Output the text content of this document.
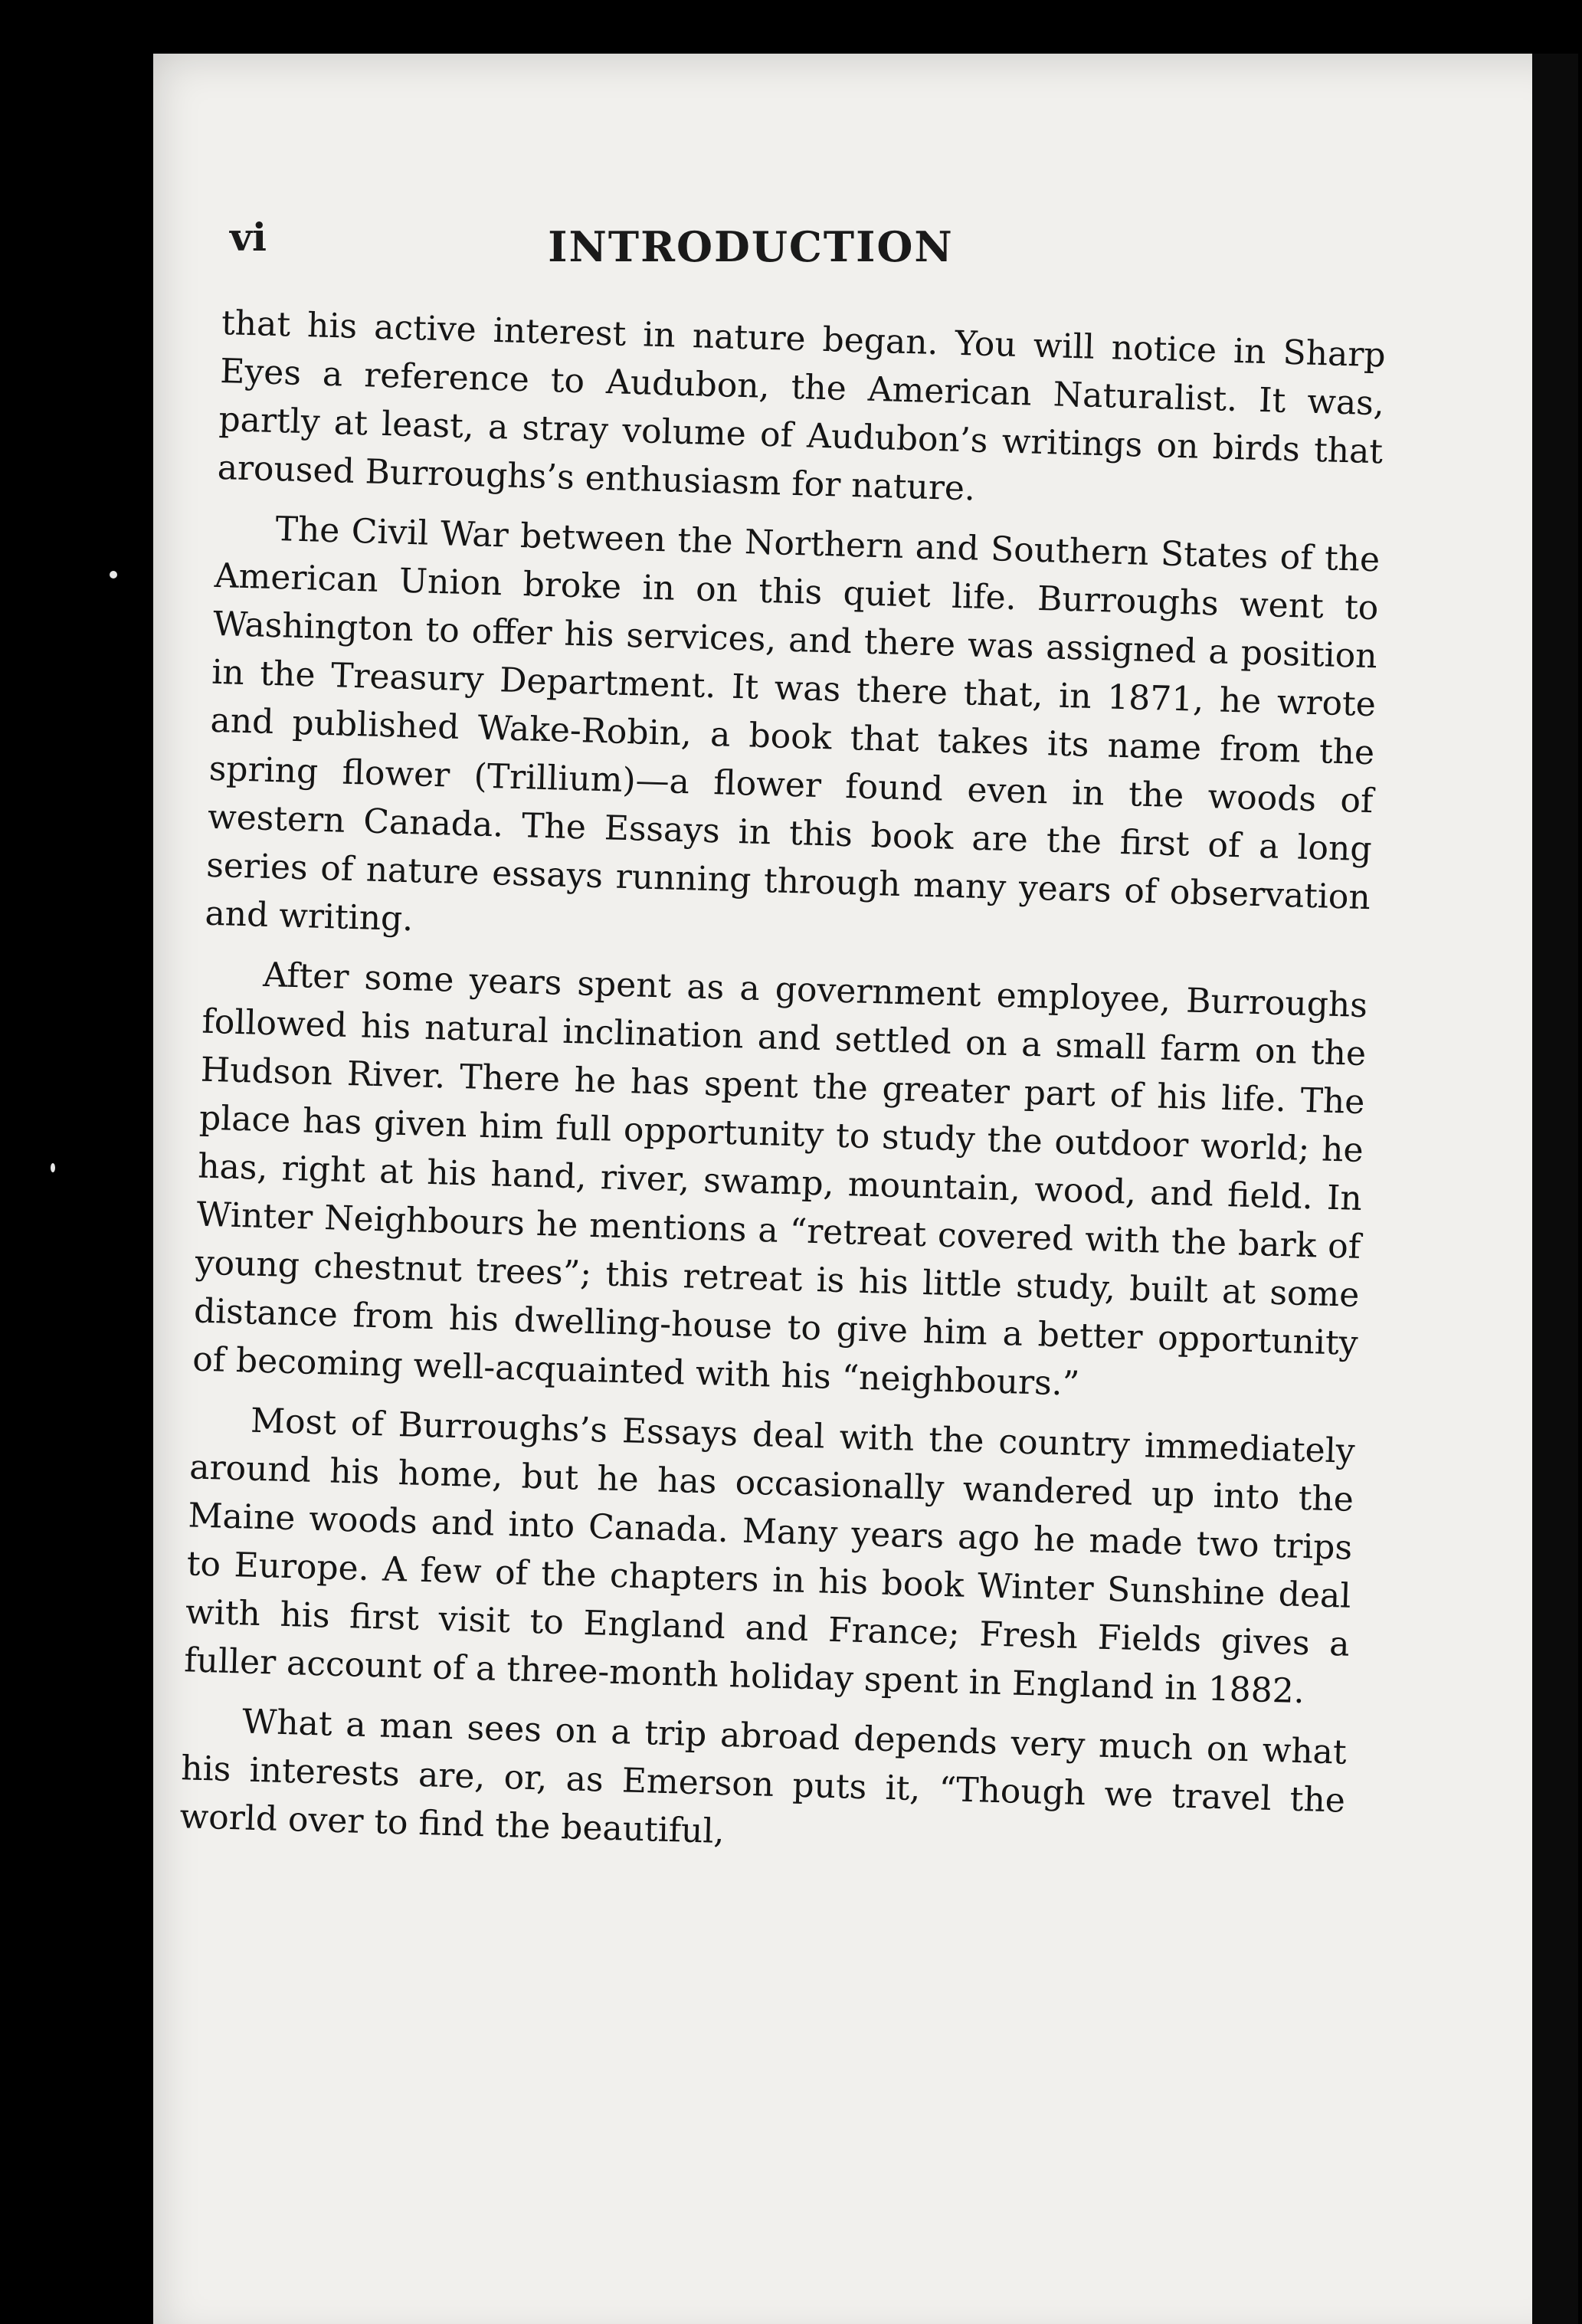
vi	INTRODUCTION

that his active interest in nature began. You will notice in Sharp Eyes a reference to Audubon, the American Naturalist. It was, partly at least, a stray volume of Audubon’s writings on birds that aroused Burroughs’s enthusiasm for nature.

The Civil War between the Northern and Southern States of the American Union broke in on this quiet life. Burroughs went to Washington to offer his services, and there was assigned a position in the Treasury Department. It was there that, in 1871, he wrote and published Wake-Robin, a book that takes its name from the spring flower (Trillium)—a flower found even in the woods of western Canada. The Essays in this book are the first of a long series of nature essays running through many years of observation and writing.

After some years spent as a government employee, Burroughs followed his natural inclination and settled on a small farm on the Hudson River. There he has spent the greater part of his life. The place has given him full opportunity to study the outdoor world; he has, right at his hand, river, swamp, mountain, wood, and field. In Winter Neighbours he mentions a “retreat covered with the bark of young chestnut trees”; this retreat is his little study, built at some distance from his dwelling-house to give him a better opportunity of becoming well-acquainted with his “neighbours.”

Most of Burroughs’s Essays deal with the country immediately around his home, but he has occasionally wandered up into the Maine woods and into Canada. Many years ago he made two trips to Europe. A few of the chapters in his book Winter Sunshine deal with his first visit to England and France; Fresh Fields gives a fuller account of a three-month holiday spent in England in 1882.

What a man sees on a trip abroad depends very much on what his interests are, or, as Emerson puts it, “Though we travel the world over to find the beautiful,
